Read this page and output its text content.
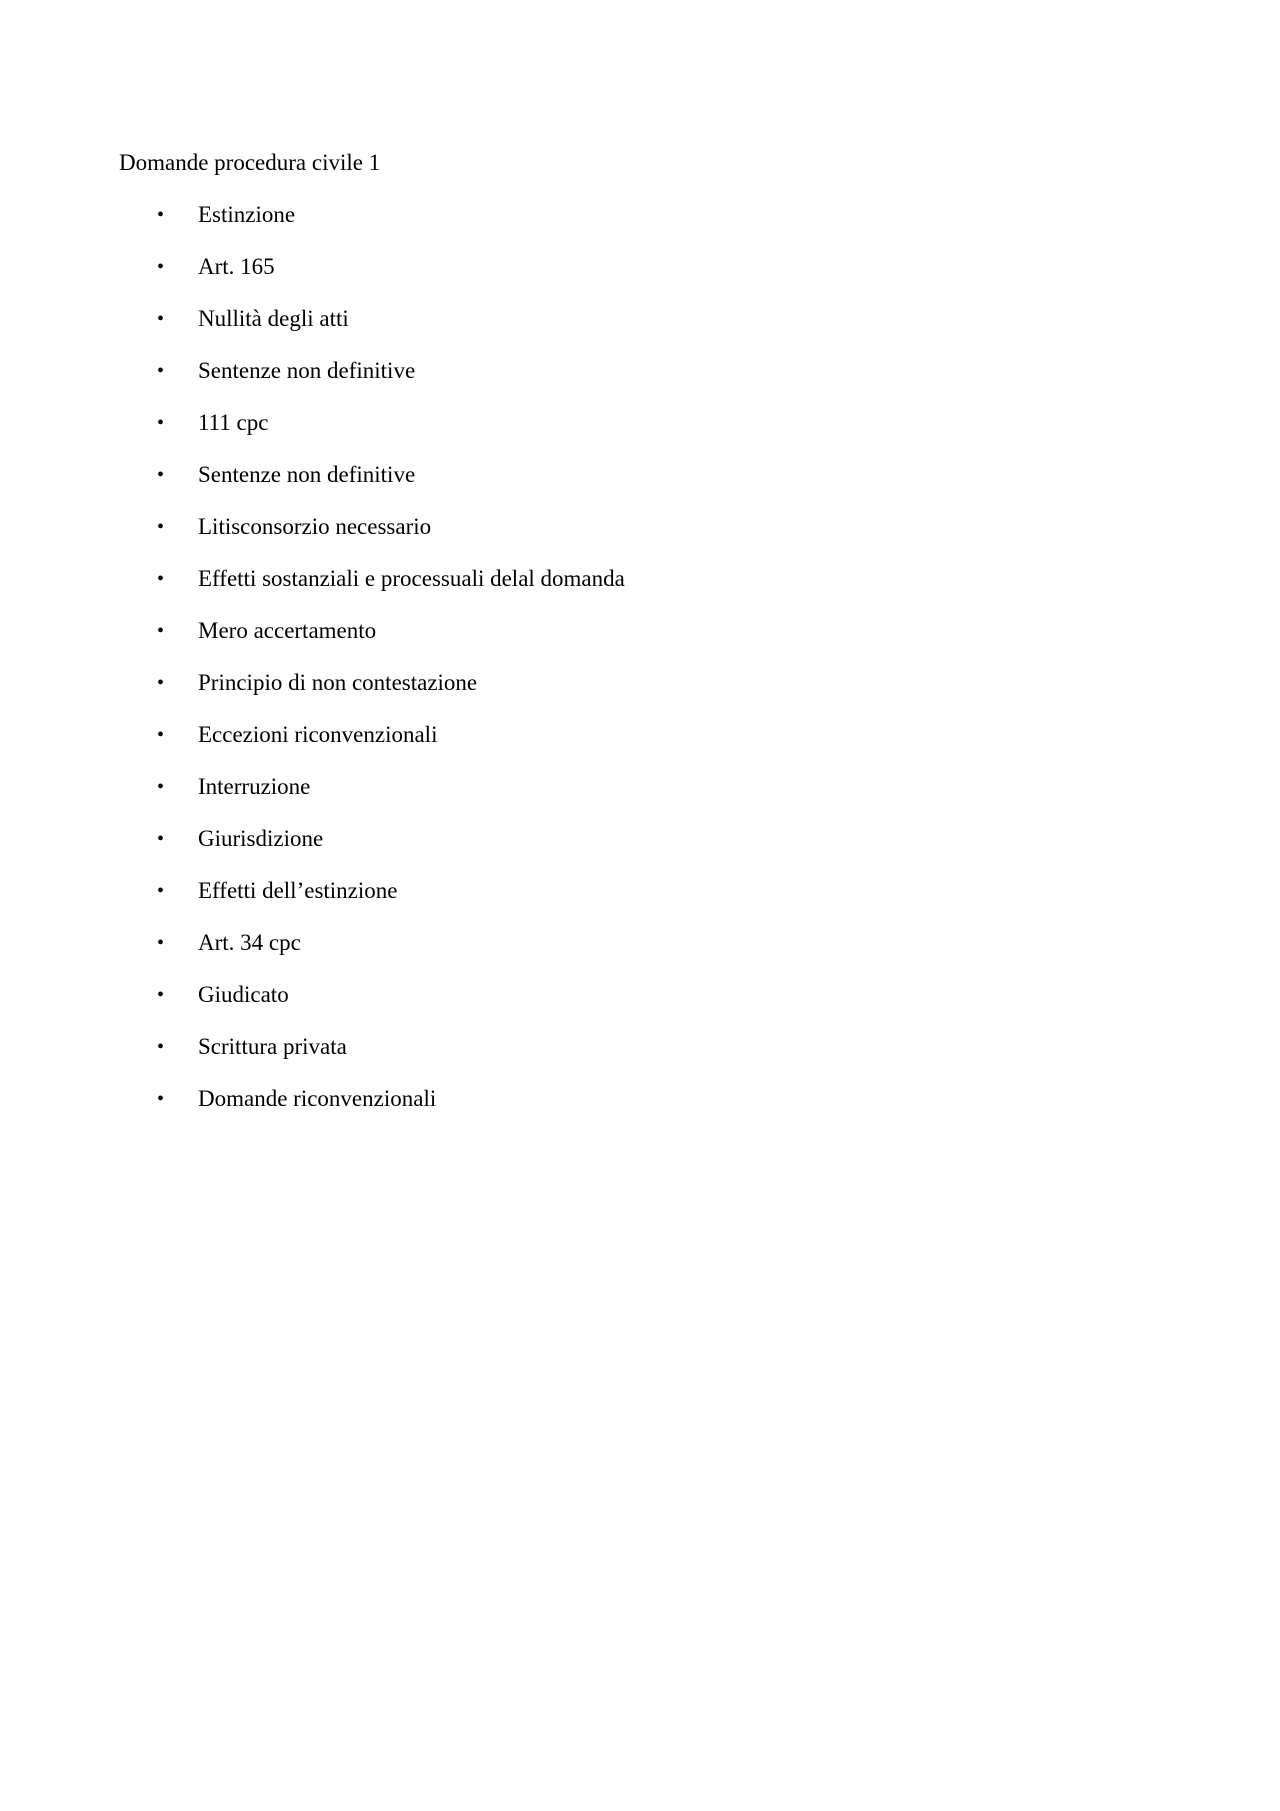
Domande procedura civile 1
• Estinzione
• Art. 165
• Nullità degli atti
• Sentenze non definitive
• 111 cpc
• Sentenze non definitive
• Litisconsorzio necessario
• Effetti sostanziali e processuali delal domanda
• Mero accertamento
• Principio di non contestazione
• Eccezioni riconvenzionali
• Interruzione
• Giurisdizione
• Effetti dell’estinzione
• Art. 34 cpc
• Giudicato
• Scrittura privata
• Domande riconvenzionali
